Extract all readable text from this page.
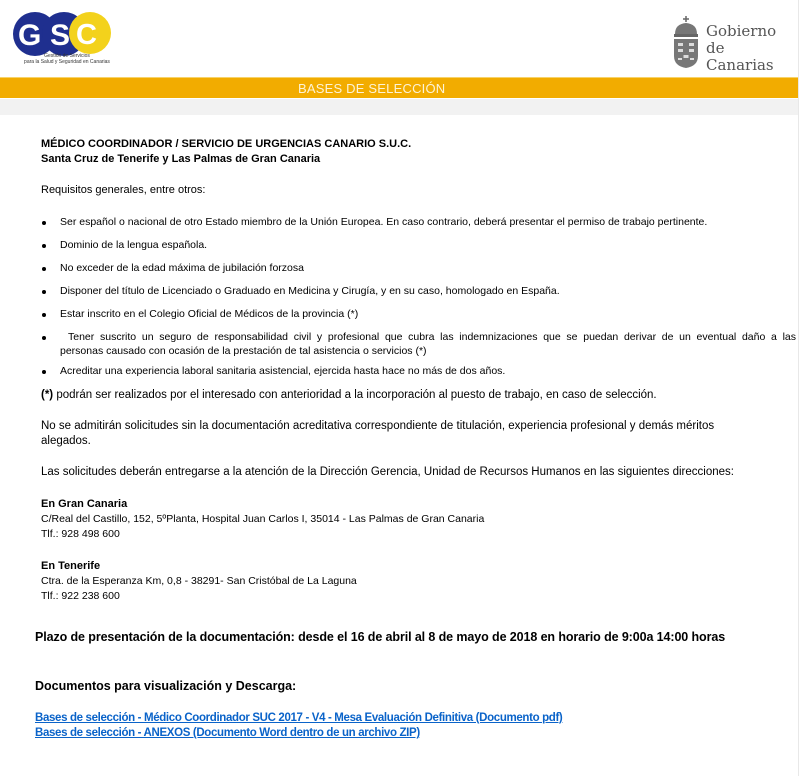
G S C
Gestión de Servicios
para la Salud y Seguridad en Canarias
Gobierno
de Canarias
BASES DE SELECCIÓN
MÉDICO COORDINADOR / SERVICIO DE URGENCIAS CANARIO S.U.C.
Santa Cruz de Tenerife y Las Palmas de Gran Canaria
Requisitos generales, entre otros:
Ser español o nacional de otro Estado miembro de la Unión Europea. En caso contrario, deberá presentar el permiso de trabajo pertinente.
Dominio de la lengua española.
No exceder de la edad máxima de jubilación forzosa
Disponer del título de Licenciado o Graduado en Medicina y Cirugía, y en su caso, homologado en España.
Estar inscrito en el Colegio Oficial de Médicos de la provincia (*)
Tener suscrito un seguro de responsabilidad civil y profesional que cubra las indemnizaciones que se puedan derivar de un eventual daño a las
personas causado con ocasión de la prestación de tal asistencia o servicios (*)
Acreditar una experiencia laboral sanitaria asistencial, ejercida hasta hace no más de dos años.
(*) podrán ser realizados por el interesado con anterioridad a la incorporación al puesto de trabajo, en caso de selección.
No se admitirán solicitudes sin la documentación acreditativa correspondiente de titulación, experiencia profesional y demás méritos
alegados.
Las solicitudes deberán entregarse a la atención de la Dirección Gerencia, Unidad de Recursos Humanos en las siguientes direcciones:
En Gran Canaria
C/Real del Castillo, 152, 5ºPlanta, Hospital Juan Carlos I, 35014 - Las Palmas de Gran Canaria
Tlf.: 928 498 600
En Tenerife
Ctra. de la Esperanza Km, 0,8 - 38291- San Cristóbal de La Laguna
Tlf.: 922 238 600
Plazo de presentación de la documentación: desde el 16 de abril al 8 de mayo de 2018 en horario de 9:00a 14:00 horas
Documentos para visualización y Descarga:
Bases de selección - Médico Coordinador SUC 2017 - V4 - Mesa Evaluación Definitiva (Documento pdf)
Bases de selección - ANEXOS (Documento Word dentro de un archivo ZIP)
